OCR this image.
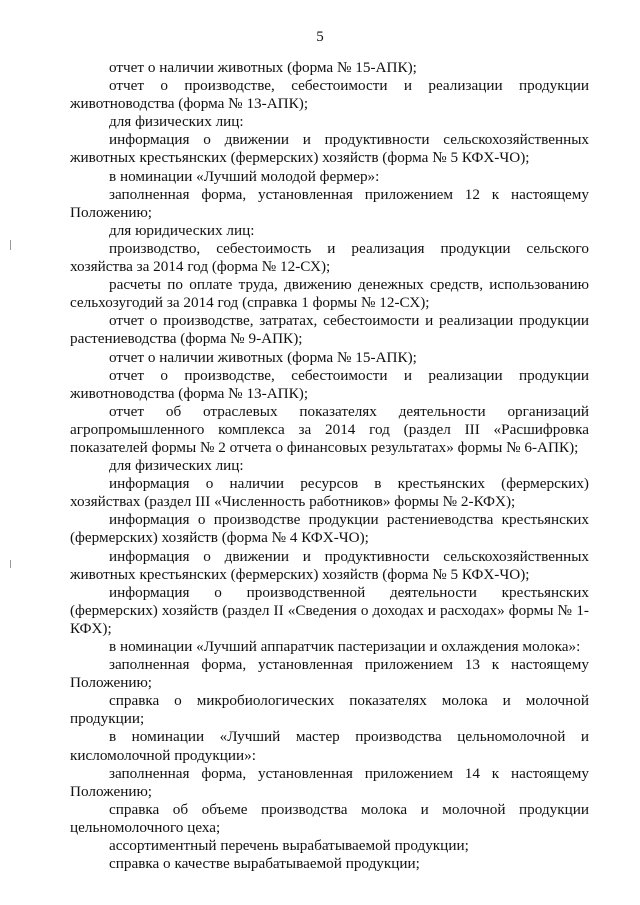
5

отчет о наличии животных (форма № 15-АПК);

отчет о производстве, себестоимости и реализации продукции животноводства (форма № 13-АПК);

для физических лиц:

информация о движении и продуктивности сельскохозяйственных животных крестьянских (фермерских) хозяйств (форма № 5 КФХ-ЧО);

в номинации «Лучший молодой фермер»:

заполненная форма, установленная приложением 12 к настоящему Положению;

для юридических лиц:

производство, себестоимость и реализация продукции сельского хозяйства за 2014 год (форма № 12-СХ);

расчеты по оплате труда, движению денежных средств, использованию сельхозугодий за 2014 год (справка 1 формы № 12-СХ);

отчет о производстве, затратах, себестоимости и реализации продукции растениеводства (форма № 9-АПК);

отчет о наличии животных (форма № 15-АПК);

отчет о производстве, себестоимости и реализации продукции животноводства (форма № 13-АПК);

отчет об отраслевых показателях деятельности организаций агропромышленного комплекса за 2014 год (раздел III «Расшифровка показателей формы № 2 отчета о финансовых результатах» формы № 6-АПК);

для физических лиц:

информация о наличии ресурсов в крестьянских (фермерских) хозяйствах (раздел III «Численность работников» формы № 2-КФХ);

информация о производстве продукции растениеводства крестьянских (фермерских) хозяйств (форма № 4 КФХ-ЧО);

информация о движении и продуктивности сельскохозяйственных животных крестьянских (фермерских) хозяйств (форма № 5 КФХ-ЧО);

информация о производственной деятельности крестьянских (фермерских) хозяйств (раздел II «Сведения о доходах и расходах» формы № 1-КФХ);

в номинации «Лучший аппаратчик пастеризации и охлаждения молока»:

заполненная форма, установленная приложением 13 к настоящему Положению;

справка о микробиологических показателях молока и молочной продукции;

в номинации «Лучший мастер производства цельномолочной и кисломолочной продукции»:

заполненная форма, установленная приложением 14 к настоящему Положению;

справка об объеме производства молока и молочной продукции цельномолочного цеха;

ассортиментный перечень вырабатываемой продукции;

справка о качестве вырабатываемой продукции;
